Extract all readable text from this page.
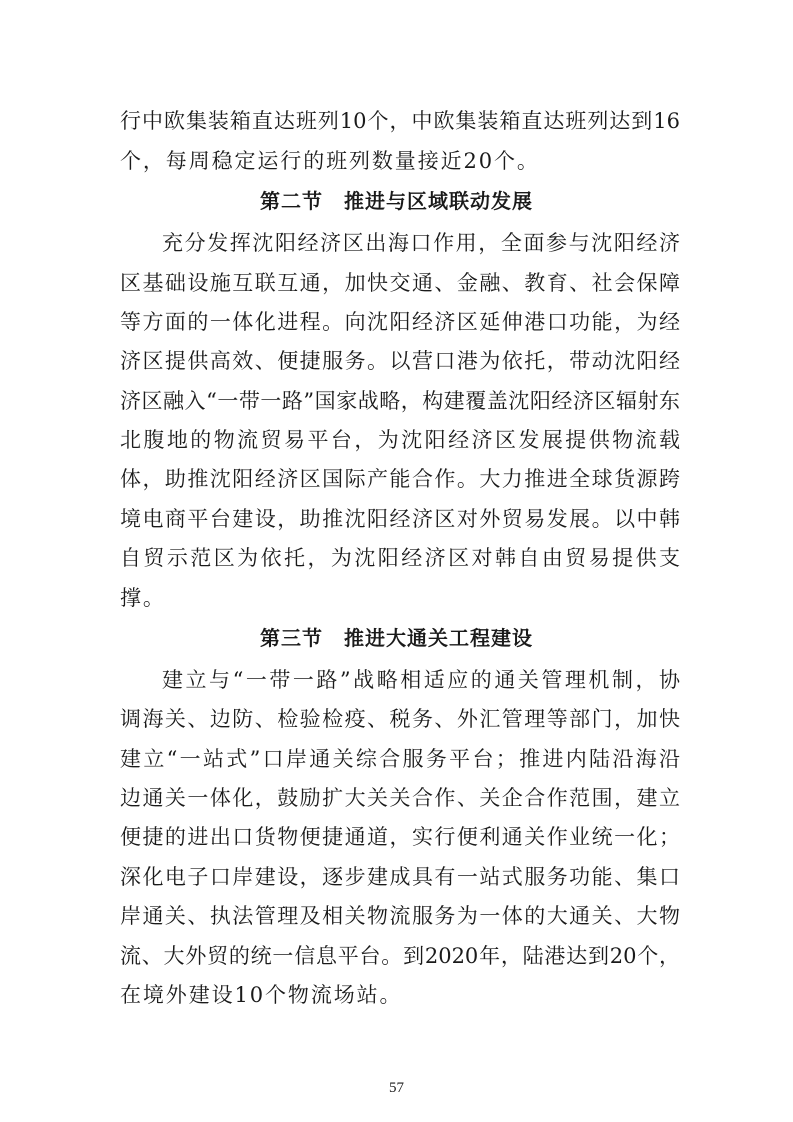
行中欧集装箱直达班列10个，中欧集装箱直达班列达到16
个，每周稳定运行的班列数量接近20个。
第二节　推进与区域联动发展
充分发挥沈阳经济区出海口作用，全面参与沈阳经济
区基础设施互联互通，加快交通、金融、教育、社会保障
等方面的一体化进程。向沈阳经济区延伸港口功能，为经
济区提供高效、便捷服务。以营口港为依托，带动沈阳经
济区融入“一带一路”国家战略，构建覆盖沈阳经济区辐射东
北腹地的物流贸易平台，为沈阳经济区发展提供物流载
体，助推沈阳经济区国际产能合作。大力推进全球货源跨
境电商平台建设，助推沈阳经济区对外贸易发展。以中韩
自贸示范区为依托，为沈阳经济区对韩自由贸易提供支
撑。
第三节　推进大通关工程建设
建立与“一带一路”战略相适应的通关管理机制，协
调海关、边防、检验检疫、税务、外汇管理等部门，加快
建立“一站式”口岸通关综合服务平台；推进内陆沿海沿
边通关一体化，鼓励扩大关关合作、关企合作范围，建立
便捷的进出口货物便捷通道，实行便利通关作业统一化；
深化电子口岸建设，逐步建成具有一站式服务功能、集口
岸通关、执法管理及相关物流服务为一体的大通关、大物
流、大外贸的统一信息平台。到2020年，陆港达到20个，
在境外建设10个物流场站。
57
